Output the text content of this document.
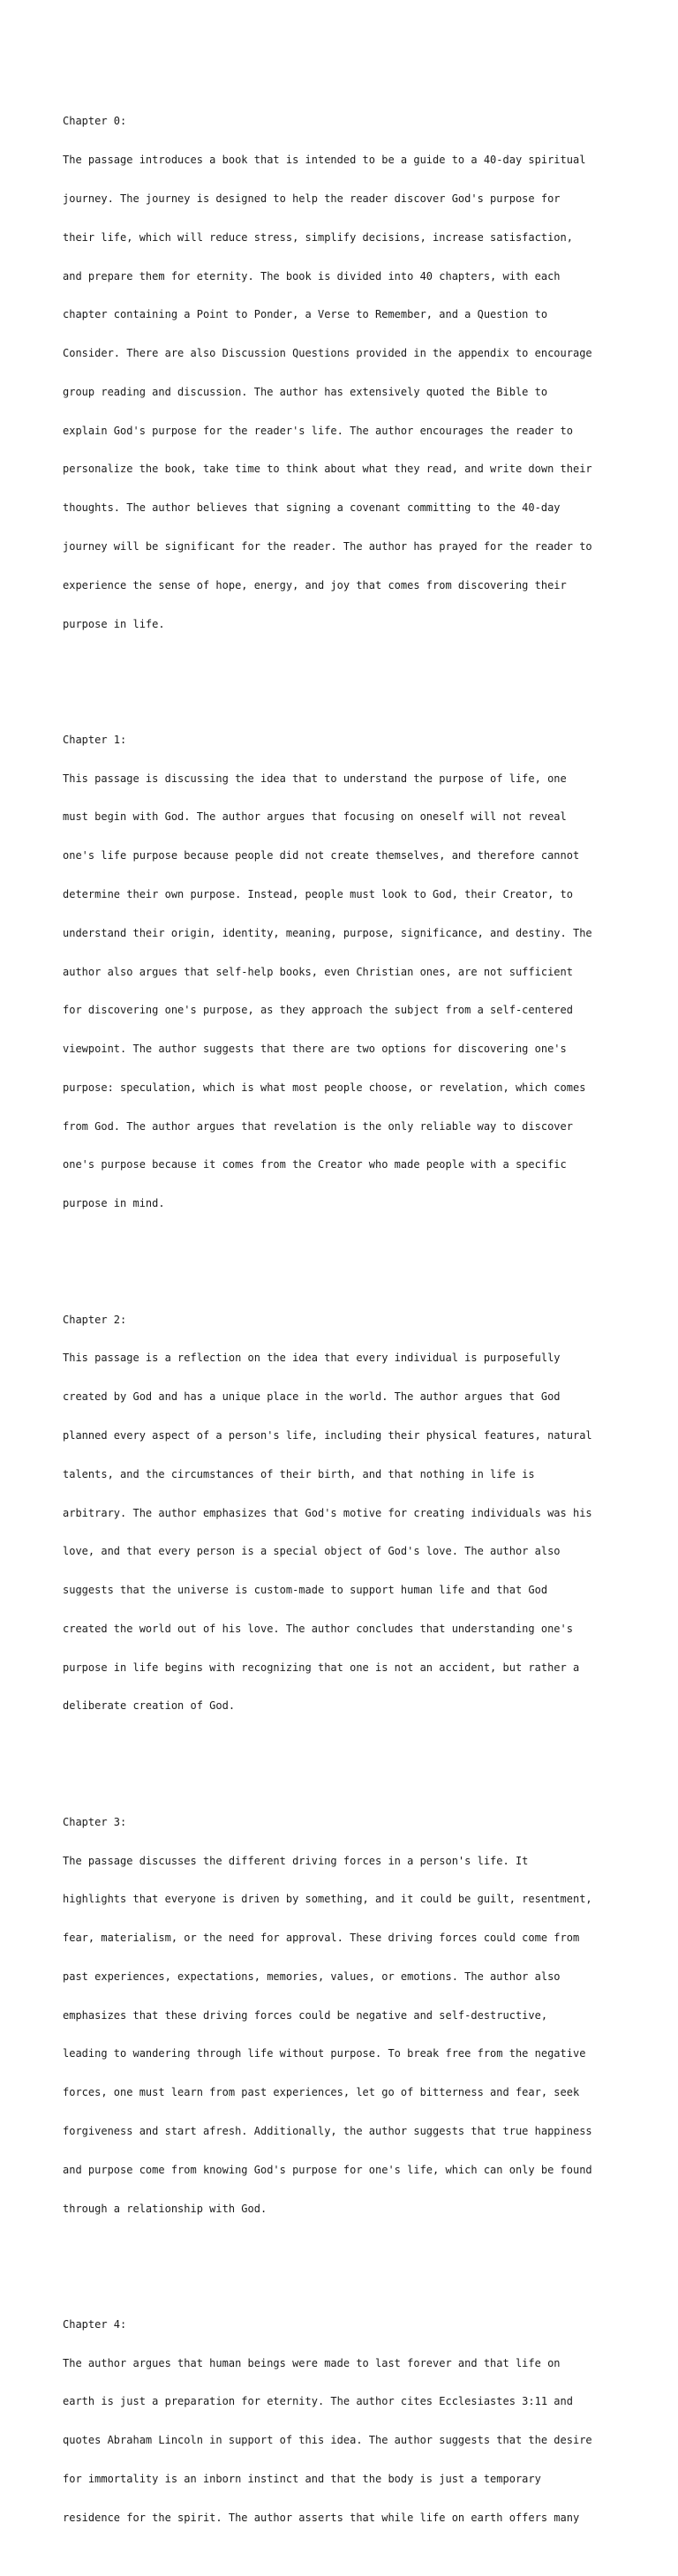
Chapter 0:

The passage introduces a book that is intended to be a guide to a 40-day spiritual

journey. The journey is designed to help the reader discover God's purpose for

their life, which will reduce stress, simplify decisions, increase satisfaction,

and prepare them for eternity. The book is divided into 40 chapters, with each

chapter containing a Point to Ponder, a Verse to Remember, and a Question to

Consider. There are also Discussion Questions provided in the appendix to encourage

group reading and discussion. The author has extensively quoted the Bible to

explain God's purpose for the reader's life. The author encourages the reader to

personalize the book, take time to think about what they read, and write down their

thoughts. The author believes that signing a covenant committing to the 40-day

journey will be significant for the reader. The author has prayed for the reader to

experience the sense of hope, energy, and joy that comes from discovering their

purpose in life.

Chapter 1:

This passage is discussing the idea that to understand the purpose of life, one

must begin with God. The author argues that focusing on oneself will not reveal

one's life purpose because people did not create themselves, and therefore cannot

determine their own purpose. Instead, people must look to God, their Creator, to

understand their origin, identity, meaning, purpose, significance, and destiny. The

author also argues that self-help books, even Christian ones, are not sufficient

for discovering one's purpose, as they approach the subject from a self-centered

viewpoint. The author suggests that there are two options for discovering one's

purpose: speculation, which is what most people choose, or revelation, which comes

from God. The author argues that revelation is the only reliable way to discover

one's purpose because it comes from the Creator who made people with a specific

purpose in mind.

Chapter 2:

This passage is a reflection on the idea that every individual is purposefully

created by God and has a unique place in the world. The author argues that God

planned every aspect of a person's life, including their physical features, natural

talents, and the circumstances of their birth, and that nothing in life is

arbitrary. The author emphasizes that God's motive for creating individuals was his

love, and that every person is a special object of God's love. The author also

suggests that the universe is custom-made to support human life and that God

created the world out of his love. The author concludes that understanding one's

purpose in life begins with recognizing that one is not an accident, but rather a

deliberate creation of God.

Chapter 3:

The passage discusses the different driving forces in a person's life. It

highlights that everyone is driven by something, and it could be guilt, resentment,

fear, materialism, or the need for approval. These driving forces could come from

past experiences, expectations, memories, values, or emotions. The author also

emphasizes that these driving forces could be negative and self-destructive,

leading to wandering through life without purpose. To break free from the negative

forces, one must learn from past experiences, let go of bitterness and fear, seek

forgiveness and start afresh. Additionally, the author suggests that true happiness

and purpose come from knowing God's purpose for one's life, which can only be found

through a relationship with God.

Chapter 4:

The author argues that human beings were made to last forever and that life on

earth is just a preparation for eternity. The author cites Ecclesiastes 3:11 and

quotes Abraham Lincoln in support of this idea. The author suggests that the desire

for immortality is an inborn instinct and that the body is just a temporary

residence for the spirit. The author asserts that while life on earth offers many
